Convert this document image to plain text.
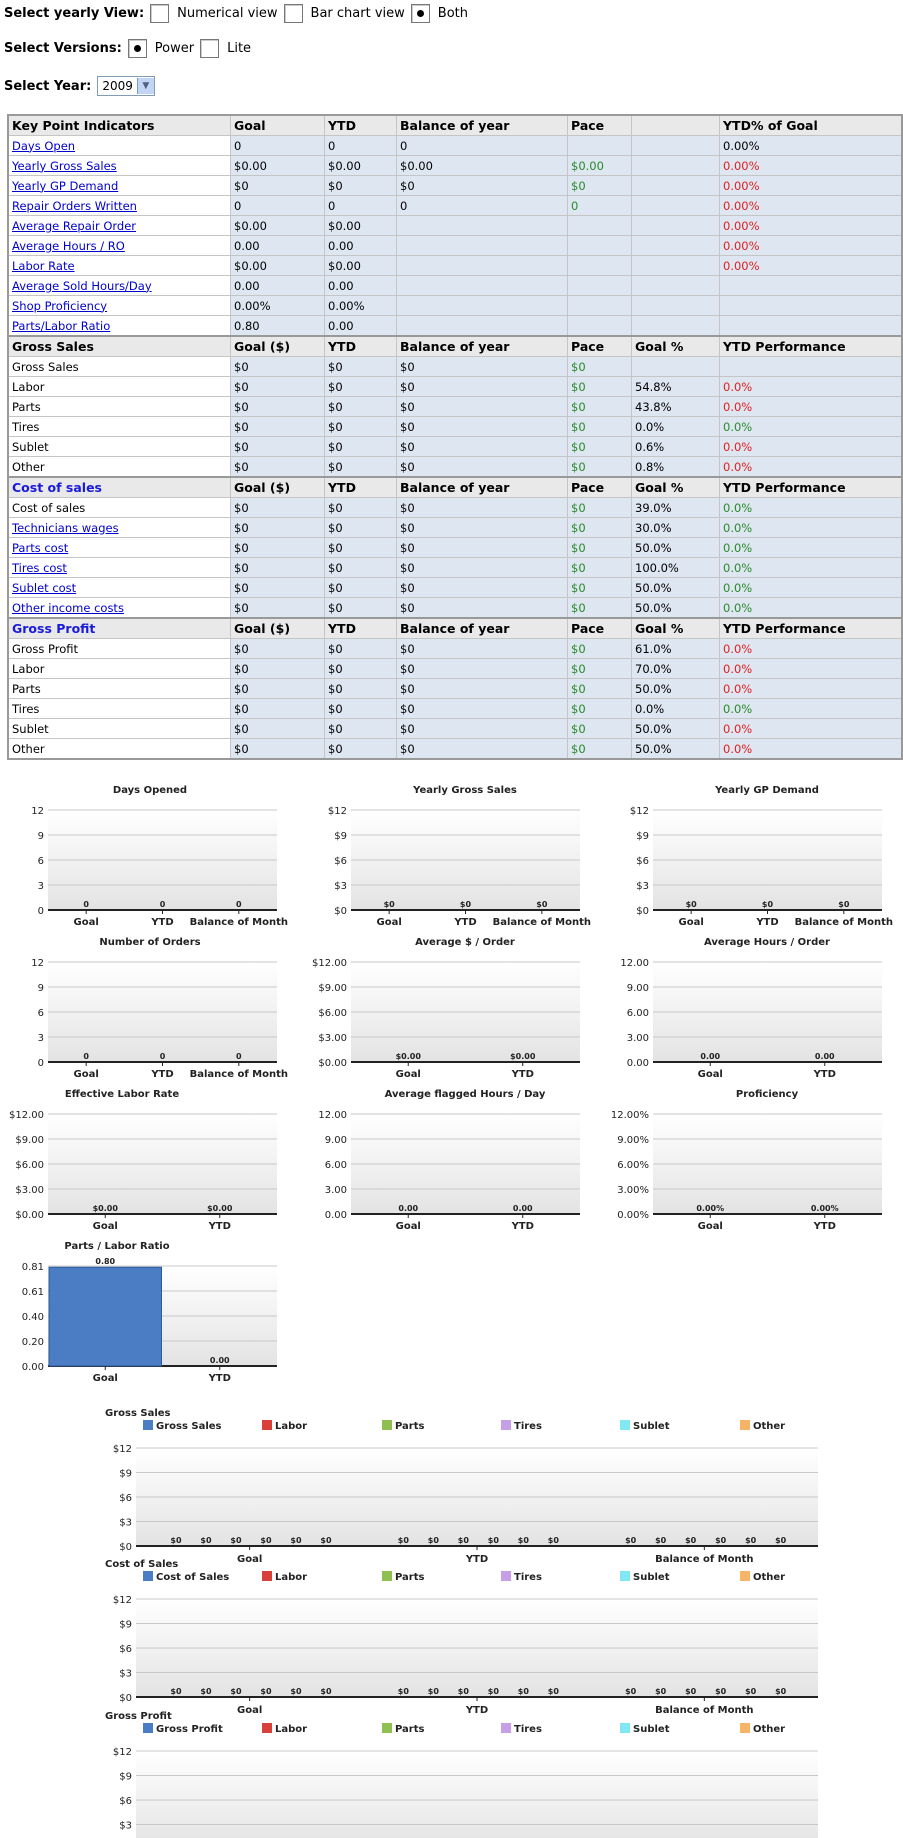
Select yearly View:	Numerical view	Bar chart view	Both
Select Versions:	Power	Lite
Select Year: 2009	▼
Key Point Indicators	Goal	YTD	Balance of year	Pace		YTD% of Goal
Days Open	0	0	0			0.00%
Yearly Gross Sales	$0.00	$0.00	$0.00	$0.00		0.00%
Yearly GP Demand	$0	$0	$0	$0		0.00%
Repair Orders Written	0	0	0	0		0.00%
Average Repair Order	$0.00	$0.00				0.00%
Average Hours / RO	0.00	0.00				0.00%
Labor Rate	$0.00	$0.00				0.00%
Average Sold Hours/Day	0.00	0.00				
Shop Proficiency	0.00%	0.00%				
Parts/Labor Ratio	0.80	0.00				
Gross Sales	Goal ($)	YTD	Balance of year	Pace	Goal %	YTD Performance
Gross Sales	$0	$0	$0	$0		
Labor	$0	$0	$0	$0	54.8%	0.0%
Parts	$0	$0	$0	$0	43.8%	0.0%
Tires	$0	$0	$0	$0	0.0%	0.0%
Sublet	$0	$0	$0	$0	0.6%	0.0%
Other	$0	$0	$0	$0	0.8%	0.0%
Cost of sales	Goal ($)	YTD	Balance of year	Pace	Goal %	YTD Performance
Cost of sales	$0	$0	$0	$0	39.0%	0.0%
Technicians wages	$0	$0	$0	$0	30.0%	0.0%
Parts cost	$0	$0	$0	$0	50.0%	0.0%
Tires cost	$0	$0	$0	$0	100.0%	0.0%
Sublet cost	$0	$0	$0	$0	50.0%	0.0%
Other income costs	$0	$0	$0	$0	50.0%	0.0%
Gross Profit	Goal ($)	YTD	Balance of year	Pace	Goal %	YTD Performance
Gross Profit	$0	$0	$0	$0	61.0%	0.0%
Labor	$0	$0	$0	$0	70.0%	0.0%
Parts	$0	$0	$0	$0	50.0%	0.0%
Tires	$0	$0	$0	$0	0.0%	0.0%
Sublet	$0	$0	$0	$0	50.0%	0.0%
Other	$0	$0	$0	$0	50.0%	0.0%
Days Opened
0
3
6
9
12
0
Goal
0
YTD
0
Balance of Month
Yearly Gross Sales
$0
$3
$6
$9
$12
$0
Goal
$0
YTD
$0
Balance of Month
Yearly GP Demand
$0
$3
$6
$9
$12
$0
Goal
$0
YTD
$0
Balance of Month
Number of Orders
0
3
6
9
12
0
Goal
0
YTD
0
Balance of Month
Average $ / Order
$0.00
$3.00
$6.00
$9.00
$12.00
$0.00
Goal
$0.00
YTD
Average Hours / Order
0.00
3.00
6.00
9.00
12.00
0.00
Goal
0.00
YTD
Effective Labor Rate
$0.00
$3.00
$6.00
$9.00
$12.00
$0.00
Goal
$0.00
YTD
Average flagged Hours / Day
0.00
3.00
6.00
9.00
12.00
0.00
Goal
0.00
YTD
Proficiency
0.00%
3.00%
6.00%
9.00%
12.00%
0.00%
Goal
0.00%
YTD
Parts / Labor Ratio
0.00
0.20
0.40
0.61
0.81
0.80
Goal
0.00
YTD
Gross Sales
Gross Sales	Labor	Parts	Tires	Sublet	Other
$0
$3
$6
$9
$12
Goal
$0 $0 $0 $0 $0 $0
YTD
$0 $0 $0 $0 $0 $0
Balance of Month
$0 $0 $0 $0 $0 $0
Cost of Sales
Cost of Sales	Labor	Parts	Tires	Sublet	Other
$0
$3
$6
$9
$12
Goal
$0 $0 $0 $0 $0 $0
YTD
$0 $0 $0 $0 $0 $0
Balance of Month
$0 $0 $0 $0 $0 $0
Gross Profit
Gross Profit	Labor	Parts	Tires	Sublet	Other
$3
$6
$9
$12
